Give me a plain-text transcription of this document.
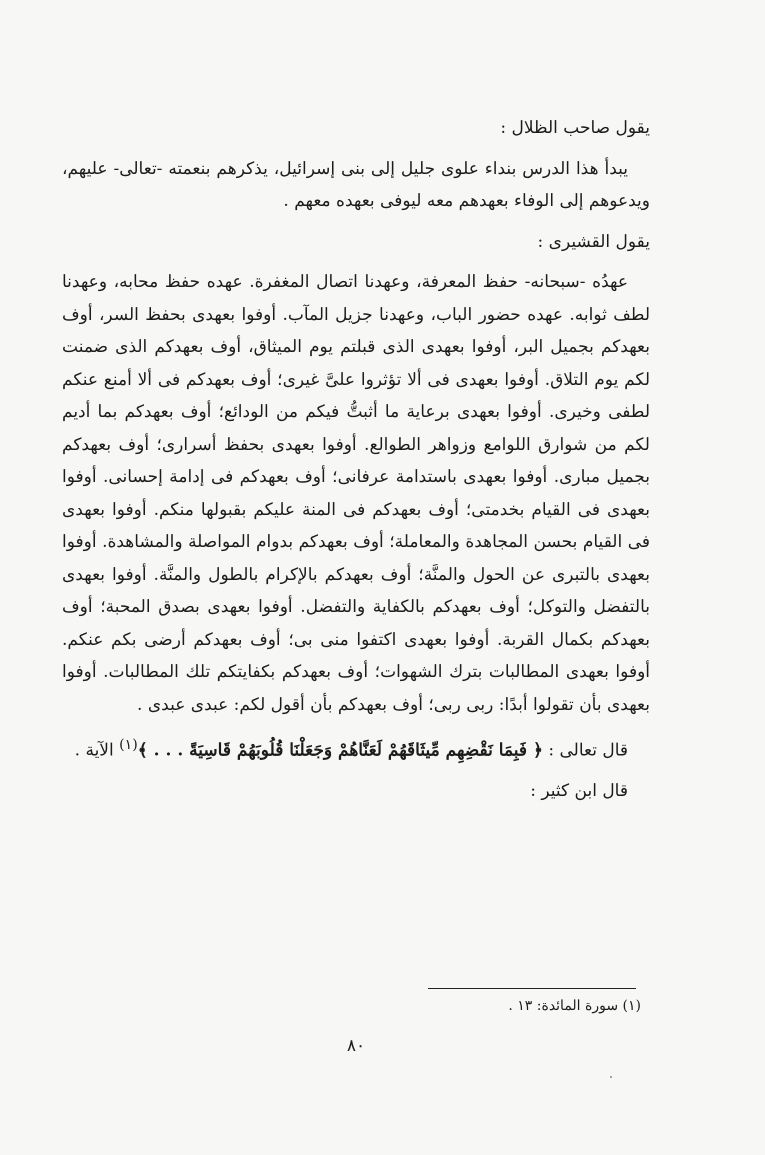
يقول صاحب الظلال :

يبدأ هذا الدرس بنداء علوى جليل إلى بنى إسرائيل، يذكرهم بنعمته -تعالى- عليهم، ويدعوهم إلى الوفاء بعهدهم معه ليوفى بعهده معهم .

يقول القشيرى :

عهدُه -سبحانه- حفظ المعرفة، وعهدنا اتصال المغفرة. عهده حفظ محابه، وعهدنا لطف ثوابه. عهده حضور الباب، وعهدنا جزيل المآب. أوفوا بعهدى بحفظ السر، أوف بعهدكم بجميل البر، أوفوا بعهدى الذى قبلتم يوم الميثاق، أوف بعهدكم الذى ضمنت لكم يوم التلاق. أوفوا بعهدى فى ألا تؤثروا علىَّ غيرى؛ أوف بعهدكم فى ألا أمنع عنكم لطفى وخيرى. أوفوا بعهدى برعاية ما أثبتُّ فيكم من الودائع؛ أوف بعهدكم بما أديم لكم من شوارق اللوامع وزواهر الطوالع. أوفوا بعهدى بحفظ أسرارى؛ أوف بعهدكم بجميل مبارى. أوفوا بعهدى باستدامة عرفانى؛ أوف بعهدكم فى إدامة إحسانى. أوفوا بعهدى فى القيام بخدمتى؛ أوف بعهدكم فى المنة عليكم بقبولها منكم. أوفوا بعهدى فى القيام بحسن المجاهدة والمعاملة؛ أوف بعهدكم بدوام المواصلة والمشاهدة. أوفوا بعهدى بالتبرى عن الحول والمنَّة؛ أوف بعهدكم بالإكرام بالطول والمنَّة. أوفوا بعهدى بالتفضل والتوكل؛ أوف بعهدكم بالكفاية والتفضل. أوفوا بعهدى بصدق المحبة؛ أوف بعهدكم بكمال القربة. أوفوا بعهدى اكتفوا منى بى؛ أوف بعهدكم أرضى بكم عنكم. أوفوا بعهدى المطالبات بترك الشهوات؛ أوف بعهدكم بكفايتكم تلك المطالبات. أوفوا بعهدى بأن تقولوا أبدًا: ربى ربى؛ أوف بعهدكم بأن أقول لكم: عبدى عبدى .

قال تعالى : ﴿ فَبِمَا نَقْضِهِم مِّيثَاقَهُمْ لَعَنَّاهُمْ وَجَعَلْنَا قُلُوبَهُمْ قَاسِيَةً . . . ﴾$^{(١)}$ الآية .

قال ابن كثير :

(١) سورة المائدة: ١٣ .
٨٠
